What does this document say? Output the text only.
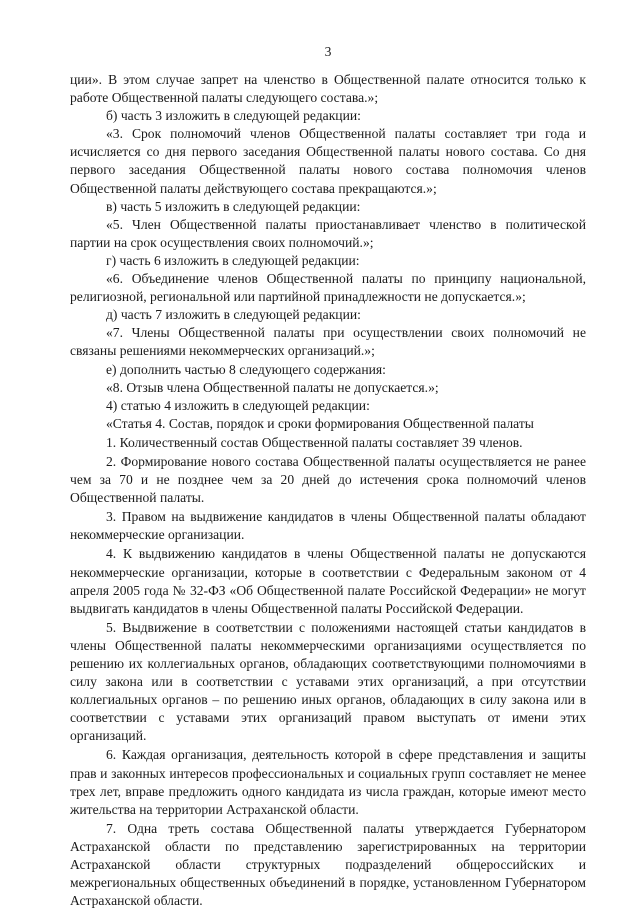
3

ции». В этом случае запрет на членство в Общественной палате относится только к работе Общественной палаты следующего состава.»;

б) часть 3 изложить в следующей редакции:

«3. Срок полномочий членов Общественной палаты составляет три года и исчисляется со дня первого заседания Общественной палаты нового состава. Со дня первого заседания Общественной палаты нового состава полномочия членов Общественной палаты действующего состава прекращаются.»;

в) часть 5 изложить в следующей редакции:

«5. Член Общественной палаты приостанавливает членство в политической партии на срок осуществления своих полномочий.»;

г) часть 6 изложить в следующей редакции:

«6. Объединение членов Общественной палаты по принципу национальной, религиозной, региональной или партийной принадлежности не допускается.»;

д) часть 7 изложить в следующей редакции:

«7. Члены Общественной палаты при осуществлении своих полномочий не связаны решениями некоммерческих организаций.»;

е) дополнить частью 8 следующего содержания:

«8. Отзыв члена Общественной палаты не допускается.»;

4) статью 4 изложить в следующей редакции:

«Статья 4. Состав, порядок и сроки формирования Общественной палаты

1. Количественный состав Общественной палаты составляет 39 членов.

2. Формирование нового состава Общественной палаты осуществляется не ранее чем за 70 и не позднее чем за 20 дней до истечения срока полномочий членов Общественной палаты.

3. Правом на выдвижение кандидатов в члены Общественной палаты обладают некоммерческие организации.

4. К выдвижению кандидатов в члены Общественной палаты не допускаются некоммерческие организации, которые в соответствии с Федеральным законом от 4 апреля 2005 года № 32-ФЗ «Об Общественной палате Российской Федерации» не могут выдвигать кандидатов в члены Общественной палаты Российской Федерации.

5. Выдвижение в соответствии с положениями настоящей статьи кандидатов в члены Общественной палаты некоммерческими организациями осуществляется по решению их коллегиальных органов, обладающих соответствующими полномочиями в силу закона или в соответствии с уставами этих организаций, а при отсутствии коллегиальных органов – по решению иных органов, обладающих в силу закона или в соответствии с уставами этих организаций правом выступать от имени этих организаций.

6. Каждая организация, деятельность которой в сфере представления и защиты прав и законных интересов профессиональных и социальных групп составляет не менее трех лет, вправе предложить одного кандидата из числа граждан, которые имеют место жительства на территории Астраханской области.

7. Одна треть состава Общественной палаты утверждается Губернатором Астраханской области по представлению зарегистрированных на территории Астраханской области структурных подразделений общероссийских и межрегиональных общественных объединений в порядке, установленном Губернатором Астраханской области.
